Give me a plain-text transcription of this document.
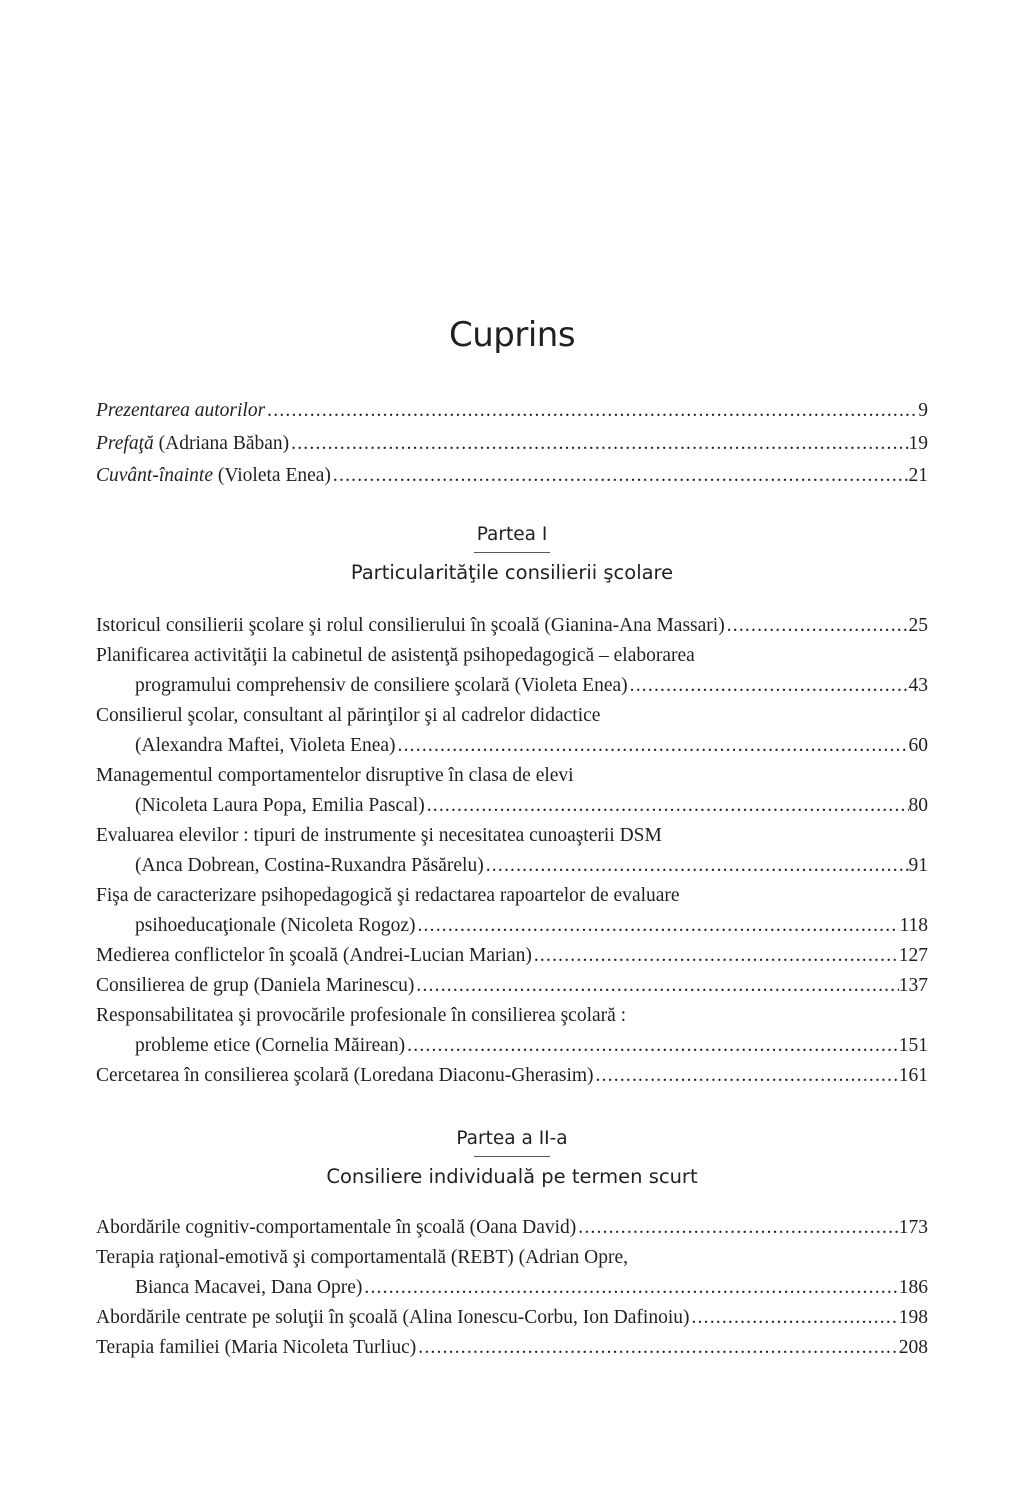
Cuprins
Prezentarea autorilor .....	9
Prefaţă (Adriana Băban) .....	19
Cuvânt-înainte (Violeta Enea) .....	21
Partea I
Particularităţile consilierii şcolare
Istoricul consilierii şcolare şi rolul consilierului în şcoală (Gianina-Ana Massari) .....	25
Planificarea activităţii la cabinetul de asistenţă psihopedagogică – elaborarea
programului comprehensiv de consiliere şcolară (Violeta Enea) .....	43
Consilierul şcolar, consultant al părinţilor şi al cadrelor didactice
(Alexandra Maftei, Violeta Enea) .....	60
Managementul comportamentelor disruptive în clasa de elevi
(Nicoleta Laura Popa, Emilia Pascal) .....	80
Evaluarea elevilor : tipuri de instrumente şi necesitatea cunoaşterii DSM
(Anca Dobrean, Costina-Ruxandra Păsărelu) .....	91
Fişa de caracterizare psihopedagogică şi redactarea rapoartelor de evaluare
psihoeducaţionale (Nicoleta Rogoz) .....	118
Medierea conflictelor în şcoală (Andrei-Lucian Marian) .....	127
Consilierea de grup (Daniela Marinescu) .....	137
Responsabilitatea şi provocările profesionale în consilierea şcolară :
probleme etice (Cornelia Măirean) .....	151
Cercetarea în consilierea şcolară (Loredana Diaconu-Gherasim) .....	161
Partea a II-a
Consiliere individuală pe termen scurt
Abordările cognitiv-comportamentale în şcoală (Oana David) .....	173
Terapia raţional-emotivă şi comportamentală (REBT) (Adrian Opre,
Bianca Macavei, Dana Opre) .....	186
Abordările centrate pe soluţii în şcoală (Alina Ionescu-Corbu, Ion Dafinoiu) .....	198
Terapia familiei (Maria Nicoleta Turliuc) .....	208
